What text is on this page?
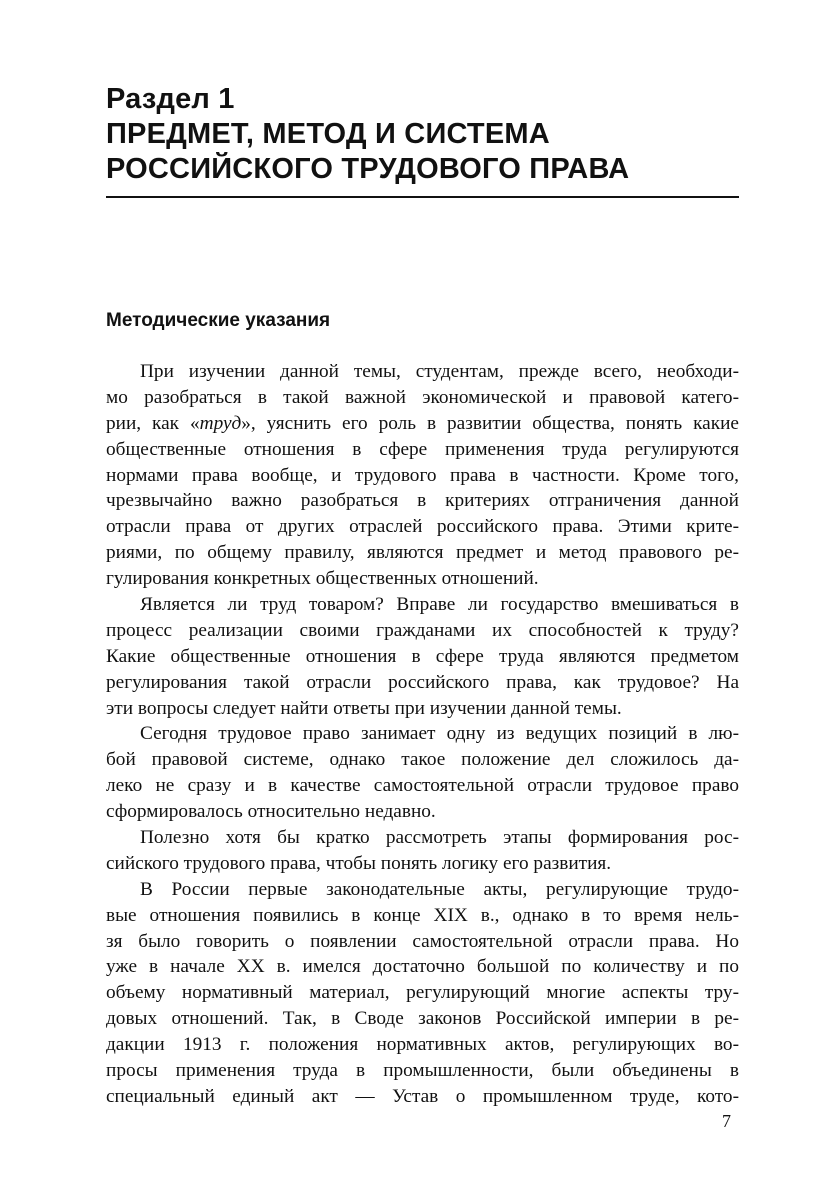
Раздел 1
ПРЕДМЕТ, МЕТОД И СИСТЕМА
РОССИЙСКОГО ТРУДОВОГО ПРАВА
Методические указания
При изучении данной темы, студентам, прежде всего, необходи-
мо разобраться в такой важной экономической и правовой катего-
рии, как «труд», уяснить его роль в развитии общества, понять какие
общественные отношения в сфере применения труда регулируются
нормами права вообще, и трудового права в частности. Кроме того,
чрезвычайно важно разобраться в критериях отграничения данной
отрасли права от других отраслей российского права. Этими крите-
риями, по общему правилу, являются предмет и метод правового ре-
гулирования конкретных общественных отношений.
Является ли труд товаром? Вправе ли государство вмешиваться в
процесс реализации своими гражданами их способностей к труду?
Какие общественные отношения в сфере труда являются предметом
регулирования такой отрасли российского права, как трудовое? На
эти вопросы следует найти ответы при изучении данной темы.
Сегодня трудовое право занимает одну из ведущих позиций в лю-
бой правовой системе, однако такое положение дел сложилось да-
леко не сразу и в качестве самостоятельной отрасли трудовое право
сформировалось относительно недавно.
Полезно хотя бы кратко рассмотреть этапы формирования рос-
сийского трудового права, чтобы понять логику его развития.
В России первые законодательные акты, регулирующие трудо-
вые отношения появились в конце XIX в., однако в то время нель-
зя было говорить о появлении самостоятельной отрасли права. Но
уже в начале XX в. имелся достаточно большой по количеству и по
объему нормативный материал, регулирующий многие аспекты тру-
довых отношений. Так, в Своде законов Российской империи в ре-
дакции 1913 г. положения нормативных актов, регулирующих во-
просы применения труда в промышленности, были объединены в
специальный единый акт — Устав о промышленном труде, кото-
7
